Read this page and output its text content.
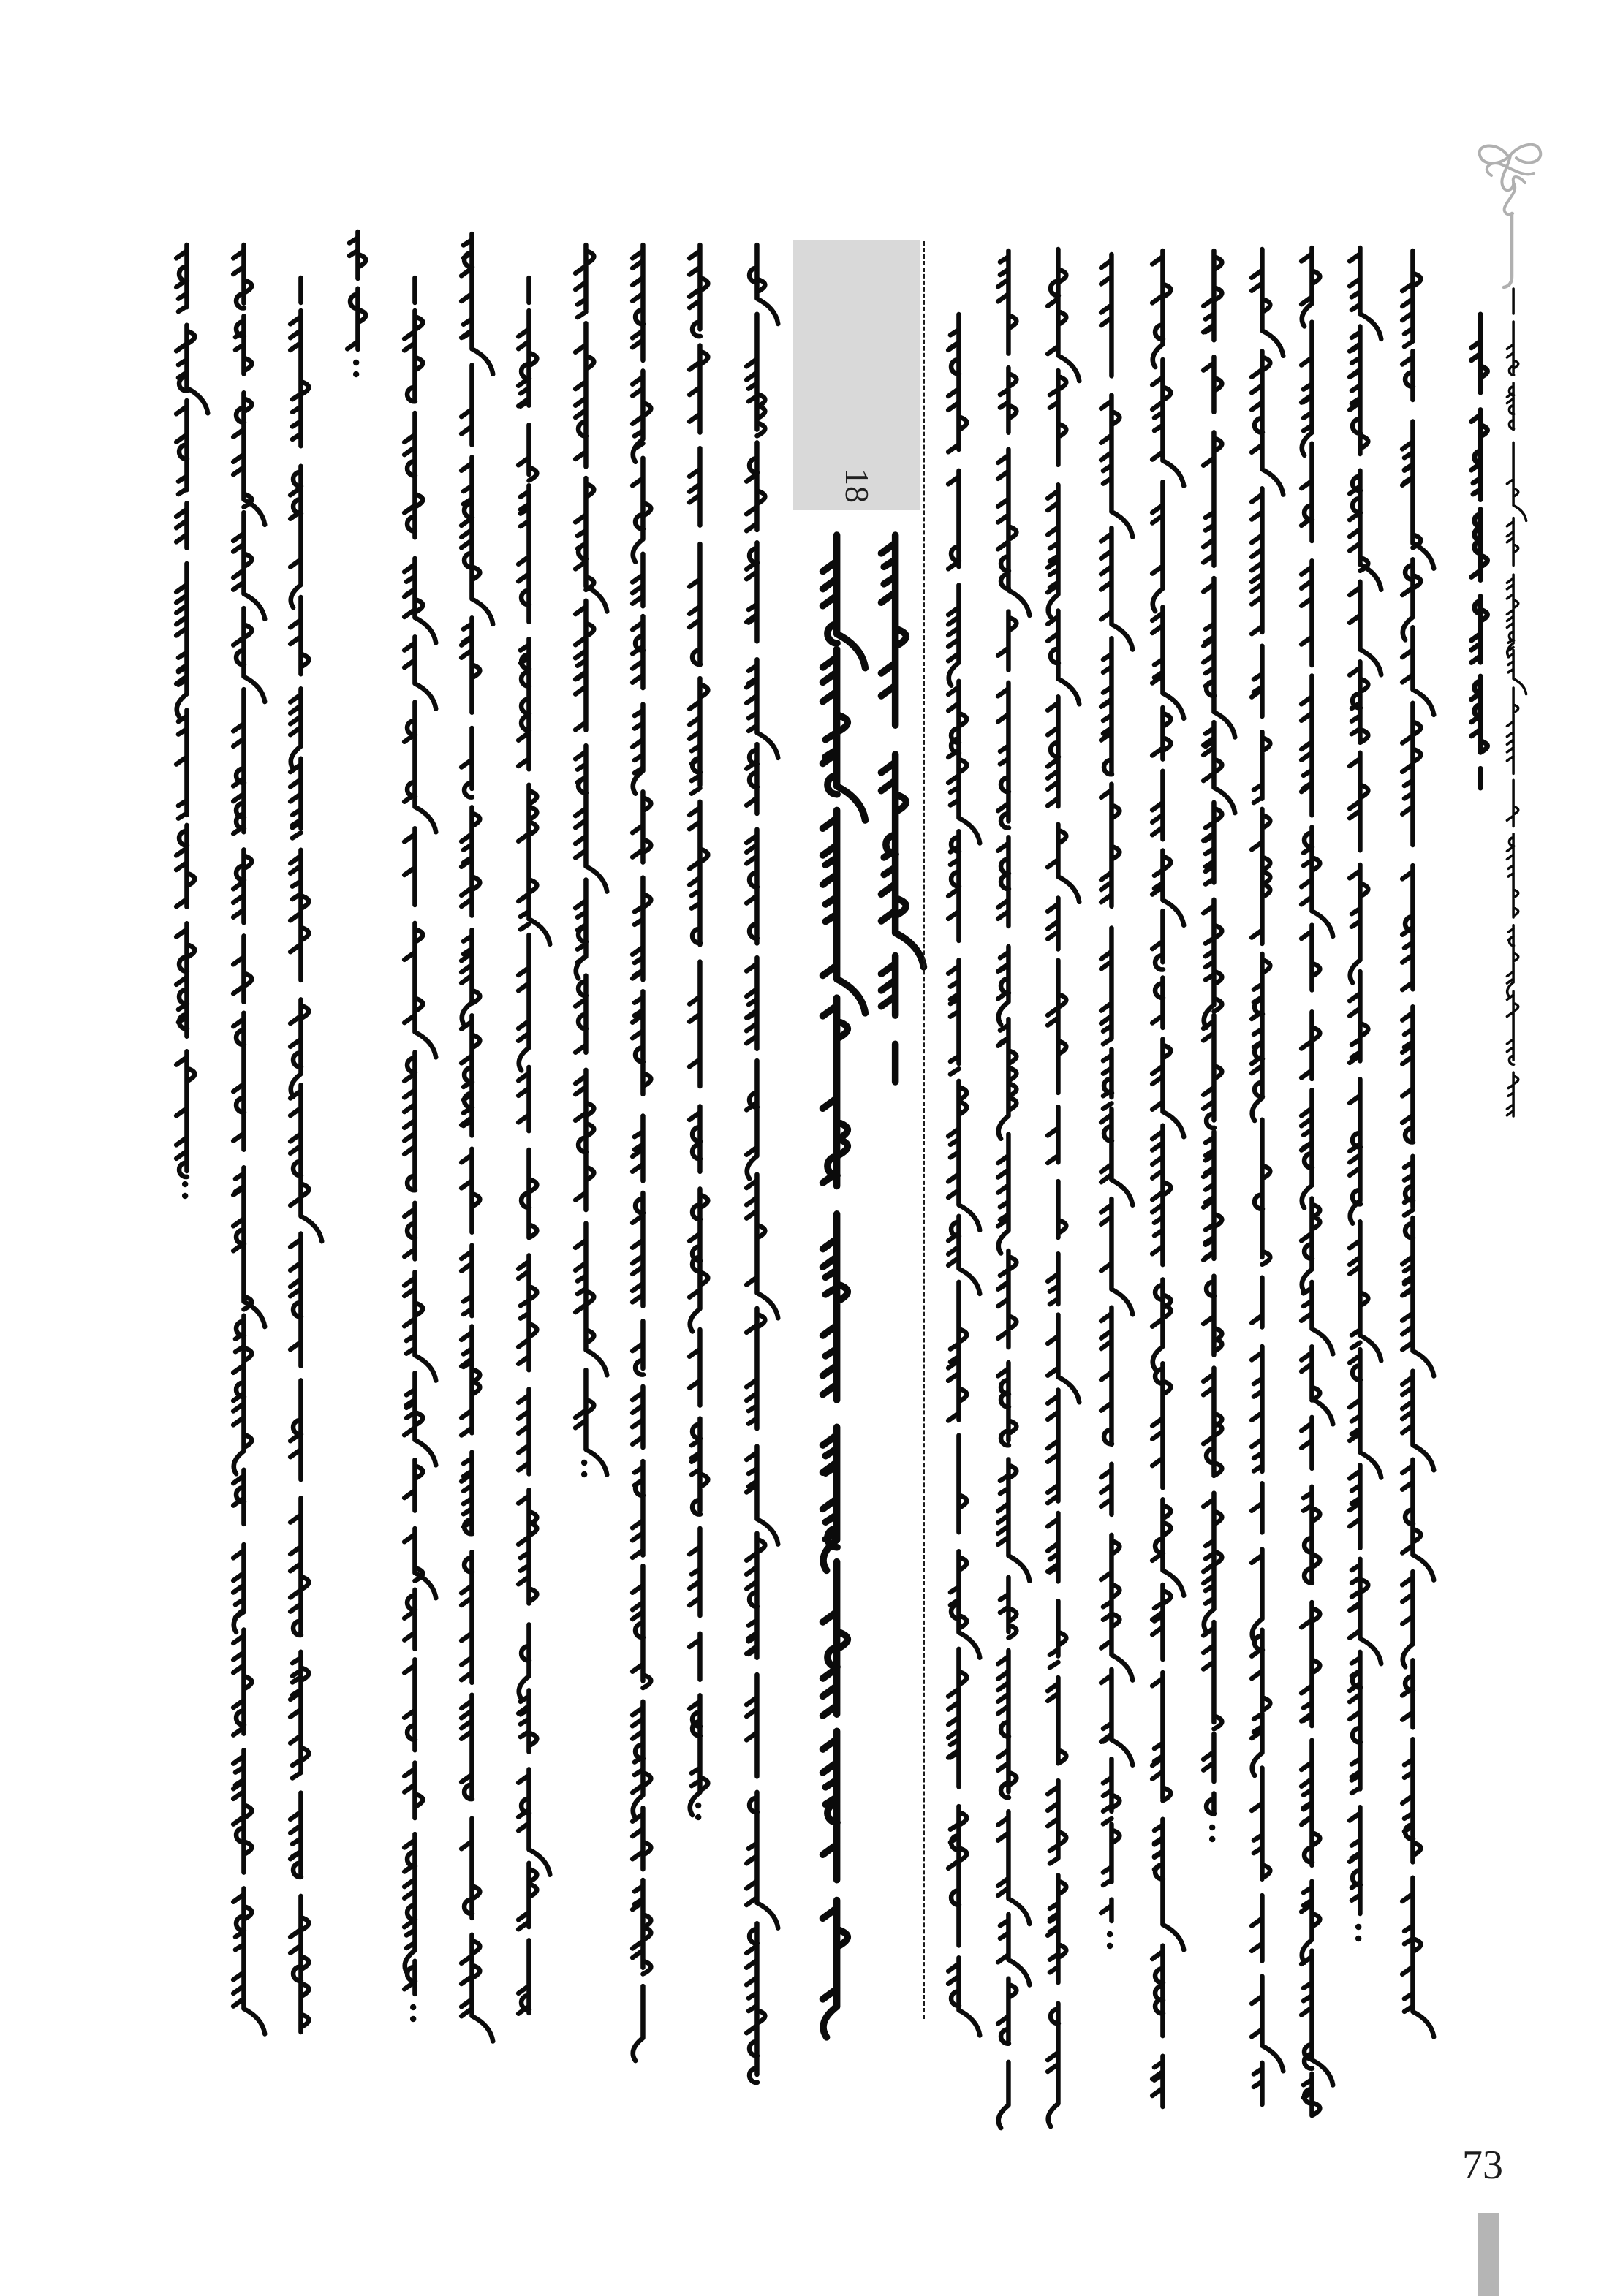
18
73
